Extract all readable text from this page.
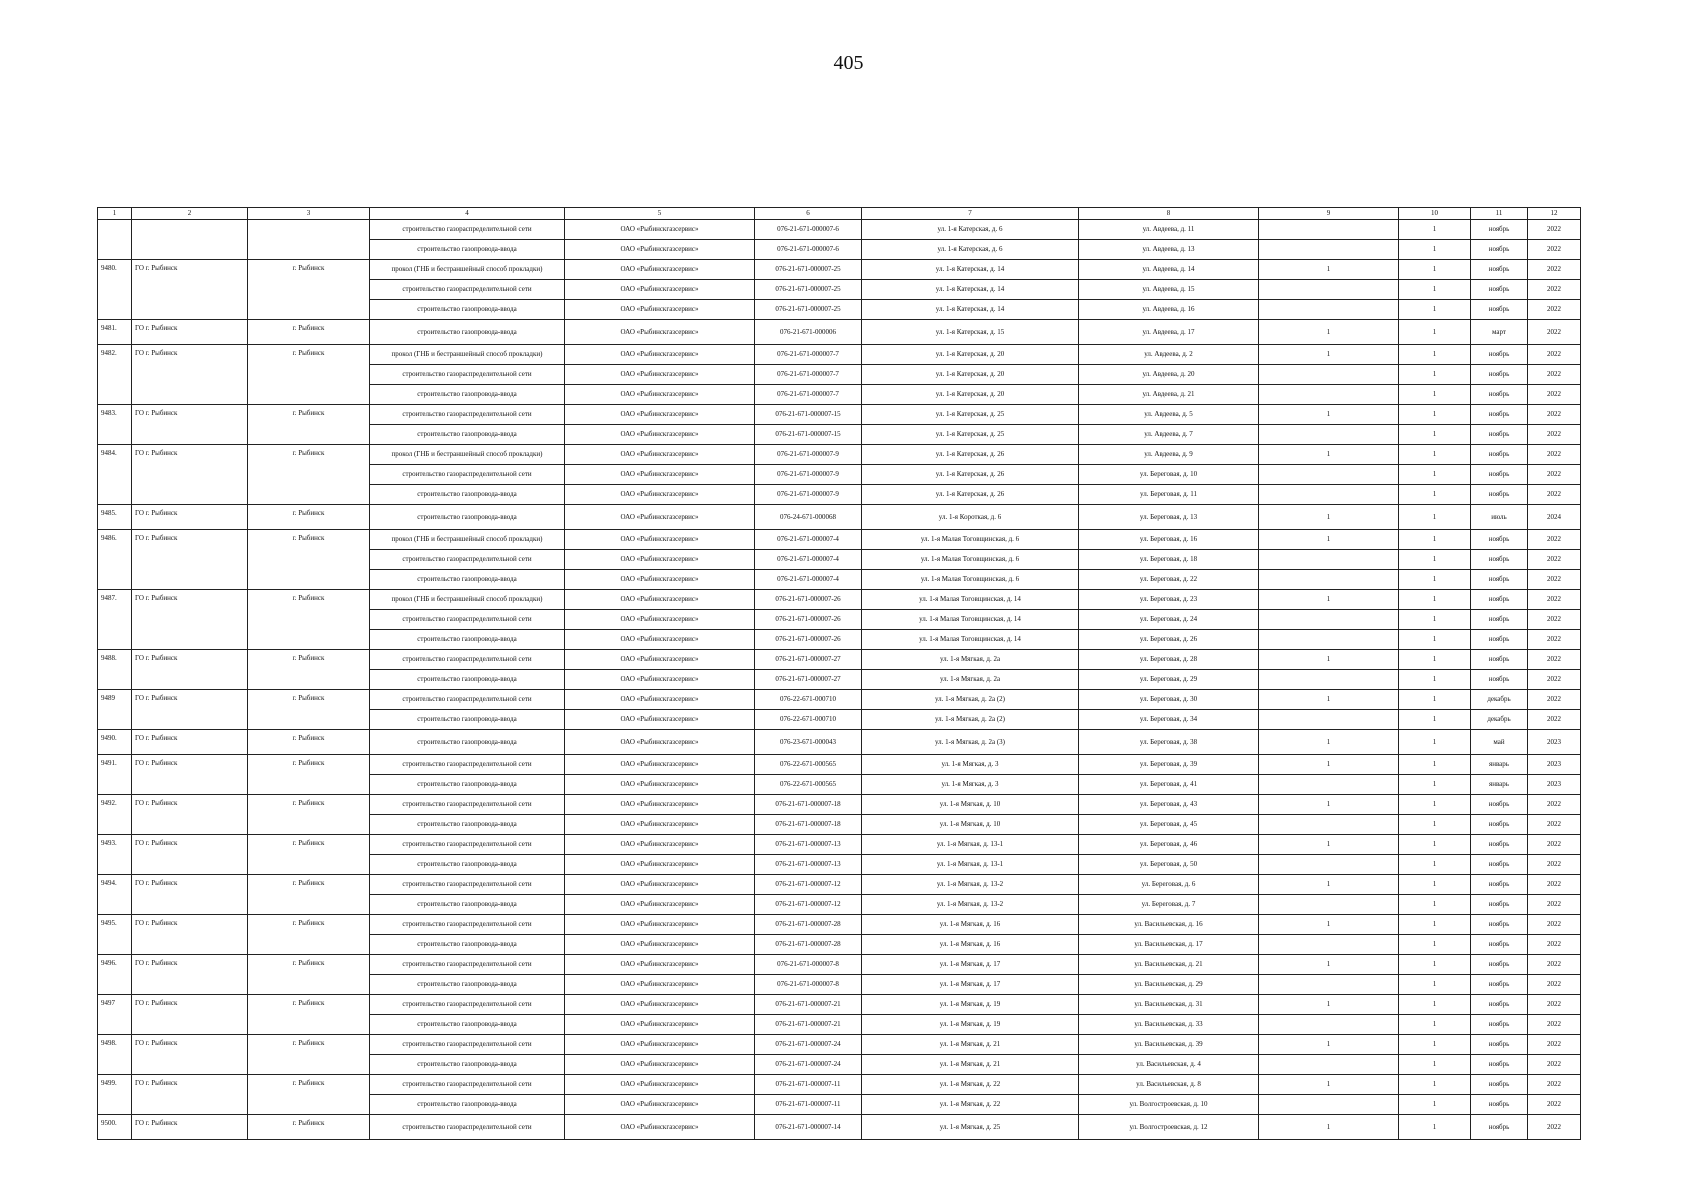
405
1	2	3	4	5	6	7	8	9	10	11	12
			строительство газораспределительной сети	ОАО «Рыбинскгазсервис»	076-21-671-000007-6	ул. 1-я Катерская, д. 6	ул. Авдеева, д. 11		1	ноябрь	2022
			строительство газопровода-ввода	ОАО «Рыбинскгазсервис»	076-21-671-000007-6	ул. 1-я Катерская, д. 6	ул. Авдеева, д. 13		1	ноябрь	2022
9480.	ГО г. Рыбинск	г. Рыбинск	прокол (ГНБ и бестраншейный способ прокладки)	ОАО «Рыбинскгазсервис»	076-21-671-000007-25	ул. 1-я Катерская, д. 14	ул. Авдеева, д. 14	1	1	ноябрь	2022
			строительство газораспределительной сети	ОАО «Рыбинскгазсервис»	076-21-671-000007-25	ул. 1-я Катерская, д. 14	ул. Авдеева, д. 15		1	ноябрь	2022
			строительство газопровода-ввода	ОАО «Рыбинскгазсервис»	076-21-671-000007-25	ул. 1-я Катерская, д. 14	ул. Авдеева, д. 16		1	ноябрь	2022
9481.	ГО г. Рыбинск	г. Рыбинск	строительство газопровода-ввода	ОАО «Рыбинскгазсервис»	076-21-671-000006	ул. 1-я Катерская, д. 15	ул. Авдеева, д. 17	1	1	март	2022
9482.	ГО г. Рыбинск	г. Рыбинск	прокол (ГНБ и бестраншейный способ прокладки)	ОАО «Рыбинскгазсервис»	076-21-671-000007-7	ул. 1-я Катерская, д. 20	ул. Авдеева, д. 2	1	1	ноябрь	2022
			строительство газораспределительной сети	ОАО «Рыбинскгазсервис»	076-21-671-000007-7	ул. 1-я Катерская, д. 20	ул. Авдеева, д. 20		1	ноябрь	2022
			строительство газопровода-ввода	ОАО «Рыбинскгазсервис»	076-21-671-000007-7	ул. 1-я Катерская, д. 20	ул. Авдеева, д. 21		1	ноябрь	2022
9483.	ГО г. Рыбинск	г. Рыбинск	строительство газораспределительной сети	ОАО «Рыбинскгазсервис»	076-21-671-000007-15	ул. 1-я Катерская, д. 25	ул. Авдеева, д. 5	1	1	ноябрь	2022
			строительство газопровода-ввода	ОАО «Рыбинскгазсервис»	076-21-671-000007-15	ул. 1-я Катерская, д. 25	ул. Авдеева, д. 7		1	ноябрь	2022
9484.	ГО г. Рыбинск	г. Рыбинск	прокол (ГНБ и бестраншейный способ прокладки)	ОАО «Рыбинскгазсервис»	076-21-671-000007-9	ул. 1-я Катерская, д. 26	ул. Авдеева, д. 9	1	1	ноябрь	2022
			строительство газораспределительной сети	ОАО «Рыбинскгазсервис»	076-21-671-000007-9	ул. 1-я Катерская, д. 26	ул. Береговая, д. 10		1	ноябрь	2022
			строительство газопровода-ввода	ОАО «Рыбинскгазсервис»	076-21-671-000007-9	ул. 1-я Катерская, д. 26	ул. Береговая, д. 11		1	ноябрь	2022
9485.	ГО г. Рыбинск	г. Рыбинск	строительство газопровода-ввода	ОАО «Рыбинскгазсервис»	076-24-671-000068	ул. 1-я Короткая, д. 6	ул. Береговая, д. 13	1	1	июль	2024
9486.	ГО г. Рыбинск	г. Рыбинск	прокол (ГНБ и бестраншейный способ прокладки)	ОАО «Рыбинскгазсервис»	076-21-671-000007-4	ул. 1-я Малая Тоговщинская, д. 6	ул. Береговая, д. 16	1	1	ноябрь	2022
			строительство газораспределительной сети	ОАО «Рыбинскгазсервис»	076-21-671-000007-4	ул. 1-я Малая Тоговщинская, д. 6	ул. Береговая, д. 18		1	ноябрь	2022
			строительство газопровода-ввода	ОАО «Рыбинскгазсервис»	076-21-671-000007-4	ул. 1-я Малая Тоговщинская, д. 6	ул. Береговая, д. 22		1	ноябрь	2022
9487.	ГО г. Рыбинск	г. Рыбинск	прокол (ГНБ и бестраншейный способ прокладки)	ОАО «Рыбинскгазсервис»	076-21-671-000007-26	ул. 1-я Малая Тоговщинская, д. 14	ул. Береговая, д. 23	1	1	ноябрь	2022
			строительство газораспределительной сети	ОАО «Рыбинскгазсервис»	076-21-671-000007-26	ул. 1-я Малая Тоговщинская, д. 14	ул. Береговая, д. 24		1	ноябрь	2022
			строительство газопровода-ввода	ОАО «Рыбинскгазсервис»	076-21-671-000007-26	ул. 1-я Малая Тоговщинская, д. 14	ул. Береговая, д. 26		1	ноябрь	2022
9488.	ГО г. Рыбинск	г. Рыбинск	строительство газораспределительной сети	ОАО «Рыбинскгазсервис»	076-21-671-000007-27	ул. 1-я Мягкая, д. 2а	ул. Береговая, д. 28	1	1	ноябрь	2022
			строительство газопровода-ввода	ОАО «Рыбинскгазсервис»	076-21-671-000007-27	ул. 1-я Мягкая, д. 2а	ул. Береговая, д. 29		1	ноябрь	2022
9489	ГО г. Рыбинск	г. Рыбинск	строительство газораспределительной сети	ОАО «Рыбинскгазсервис»	076-22-671-000710	ул. 1-я Мягкая, д. 2а (2)	ул. Береговая, д. 30	1	1	декабрь	2022
			строительство газопровода-ввода	ОАО «Рыбинскгазсервис»	076-22-671-000710	ул. 1-я Мягкая, д. 2а (2)	ул. Береговая, д. 34		1	декабрь	2022
9490.	ГО г. Рыбинск	г. Рыбинск	строительство газопровода-ввода	ОАО «Рыбинскгазсервис»	076-23-671-000043	ул. 1-я Мягкая, д. 2а (3)	ул. Береговая, д. 38	1	1	май	2023
9491.	ГО г. Рыбинск	г. Рыбинск	строительство газораспределительной сети	ОАО «Рыбинскгазсервис»	076-22-671-000565	ул. 1-я Мягкая, д. 3	ул. Береговая, д. 39	1	1	январь	2023
			строительство газопровода-ввода	ОАО «Рыбинскгазсервис»	076-22-671-000565	ул. 1-я Мягкая, д. 3	ул. Береговая, д. 41		1	январь	2023
9492.	ГО г. Рыбинск	г. Рыбинск	строительство газораспределительной сети	ОАО «Рыбинскгазсервис»	076-21-671-000007-18	ул. 1-я Мягкая, д. 10	ул. Береговая, д. 43	1	1	ноябрь	2022
			строительство газопровода-ввода	ОАО «Рыбинскгазсервис»	076-21-671-000007-18	ул. 1-я Мягкая, д. 10	ул. Береговая, д. 45		1	ноябрь	2022
9493.	ГО г. Рыбинск	г. Рыбинск	строительство газораспределительной сети	ОАО «Рыбинскгазсервис»	076-21-671-000007-13	ул. 1-я Мягкая, д. 13-1	ул. Береговая, д. 46	1	1	ноябрь	2022
			строительство газопровода-ввода	ОАО «Рыбинскгазсервис»	076-21-671-000007-13	ул. 1-я Мягкая, д. 13-1	ул. Береговая, д. 50		1	ноябрь	2022
9494.	ГО г. Рыбинск	г. Рыбинск	строительство газораспределительной сети	ОАО «Рыбинскгазсервис»	076-21-671-000007-12	ул. 1-я Мягкая, д. 13-2	ул. Береговая, д. 6	1	1	ноябрь	2022
			строительство газопровода-ввода	ОАО «Рыбинскгазсервис»	076-21-671-000007-12	ул. 1-я Мягкая, д. 13-2	ул. Береговая, д. 7		1	ноябрь	2022
9495.	ГО г. Рыбинск	г. Рыбинск	строительство газораспределительной сети	ОАО «Рыбинскгазсервис»	076-21-671-000007-28	ул. 1-я Мягкая, д. 16	ул. Васильевская, д. 16	1	1	ноябрь	2022
			строительство газопровода-ввода	ОАО «Рыбинскгазсервис»	076-21-671-000007-28	ул. 1-я Мягкая, д. 16	ул. Васильевская, д. 17		1	ноябрь	2022
9496.	ГО г. Рыбинск	г. Рыбинск	строительство газораспределительной сети	ОАО «Рыбинскгазсервис»	076-21-671-000007-8	ул. 1-я Мягкая, д. 17	ул. Васильевская, д. 21	1	1	ноябрь	2022
			строительство газопровода-ввода	ОАО «Рыбинскгазсервис»	076-21-671-000007-8	ул. 1-я Мягкая, д. 17	ул. Васильевская, д. 29		1	ноябрь	2022
9497	ГО г. Рыбинск	г. Рыбинск	строительство газораспределительной сети	ОАО «Рыбинскгазсервис»	076-21-671-000007-21	ул. 1-я Мягкая, д. 19	ул. Васильевская, д. 31	1	1	ноябрь	2022
			строительство газопровода-ввода	ОАО «Рыбинскгазсервис»	076-21-671-000007-21	ул. 1-я Мягкая, д. 19	ул. Васильевская, д. 33		1	ноябрь	2022
9498.	ГО г. Рыбинск	г. Рыбинск	строительство газораспределительной сети	ОАО «Рыбинскгазсервис»	076-21-671-000007-24	ул. 1-я Мягкая, д. 21	ул. Васильевская, д. 39	1	1	ноябрь	2022
			строительство газопровода-ввода	ОАО «Рыбинскгазсервис»	076-21-671-000007-24	ул. 1-я Мягкая, д. 21	ул. Васильевская, д. 4		1	ноябрь	2022
9499.	ГО г. Рыбинск	г. Рыбинск	строительство газораспределительной сети	ОАО «Рыбинскгазсервис»	076-21-671-000007-11	ул. 1-я Мягкая, д. 22	ул. Васильевская, д. 8	1	1	ноябрь	2022
			строительство газопровода-ввода	ОАО «Рыбинскгазсервис»	076-21-671-000007-11	ул. 1-я Мягкая, д. 22	ул. Волгостроевская, д. 10		1	ноябрь	2022
9500.	ГО г. Рыбинск	г. Рыбинск	строительство газораспределительной сети	ОАО «Рыбинскгазсервис»	076-21-671-000007-14	ул. 1-я Мягкая, д. 25	ул. Волгостроевская, д. 12	1	1	ноябрь	2022
